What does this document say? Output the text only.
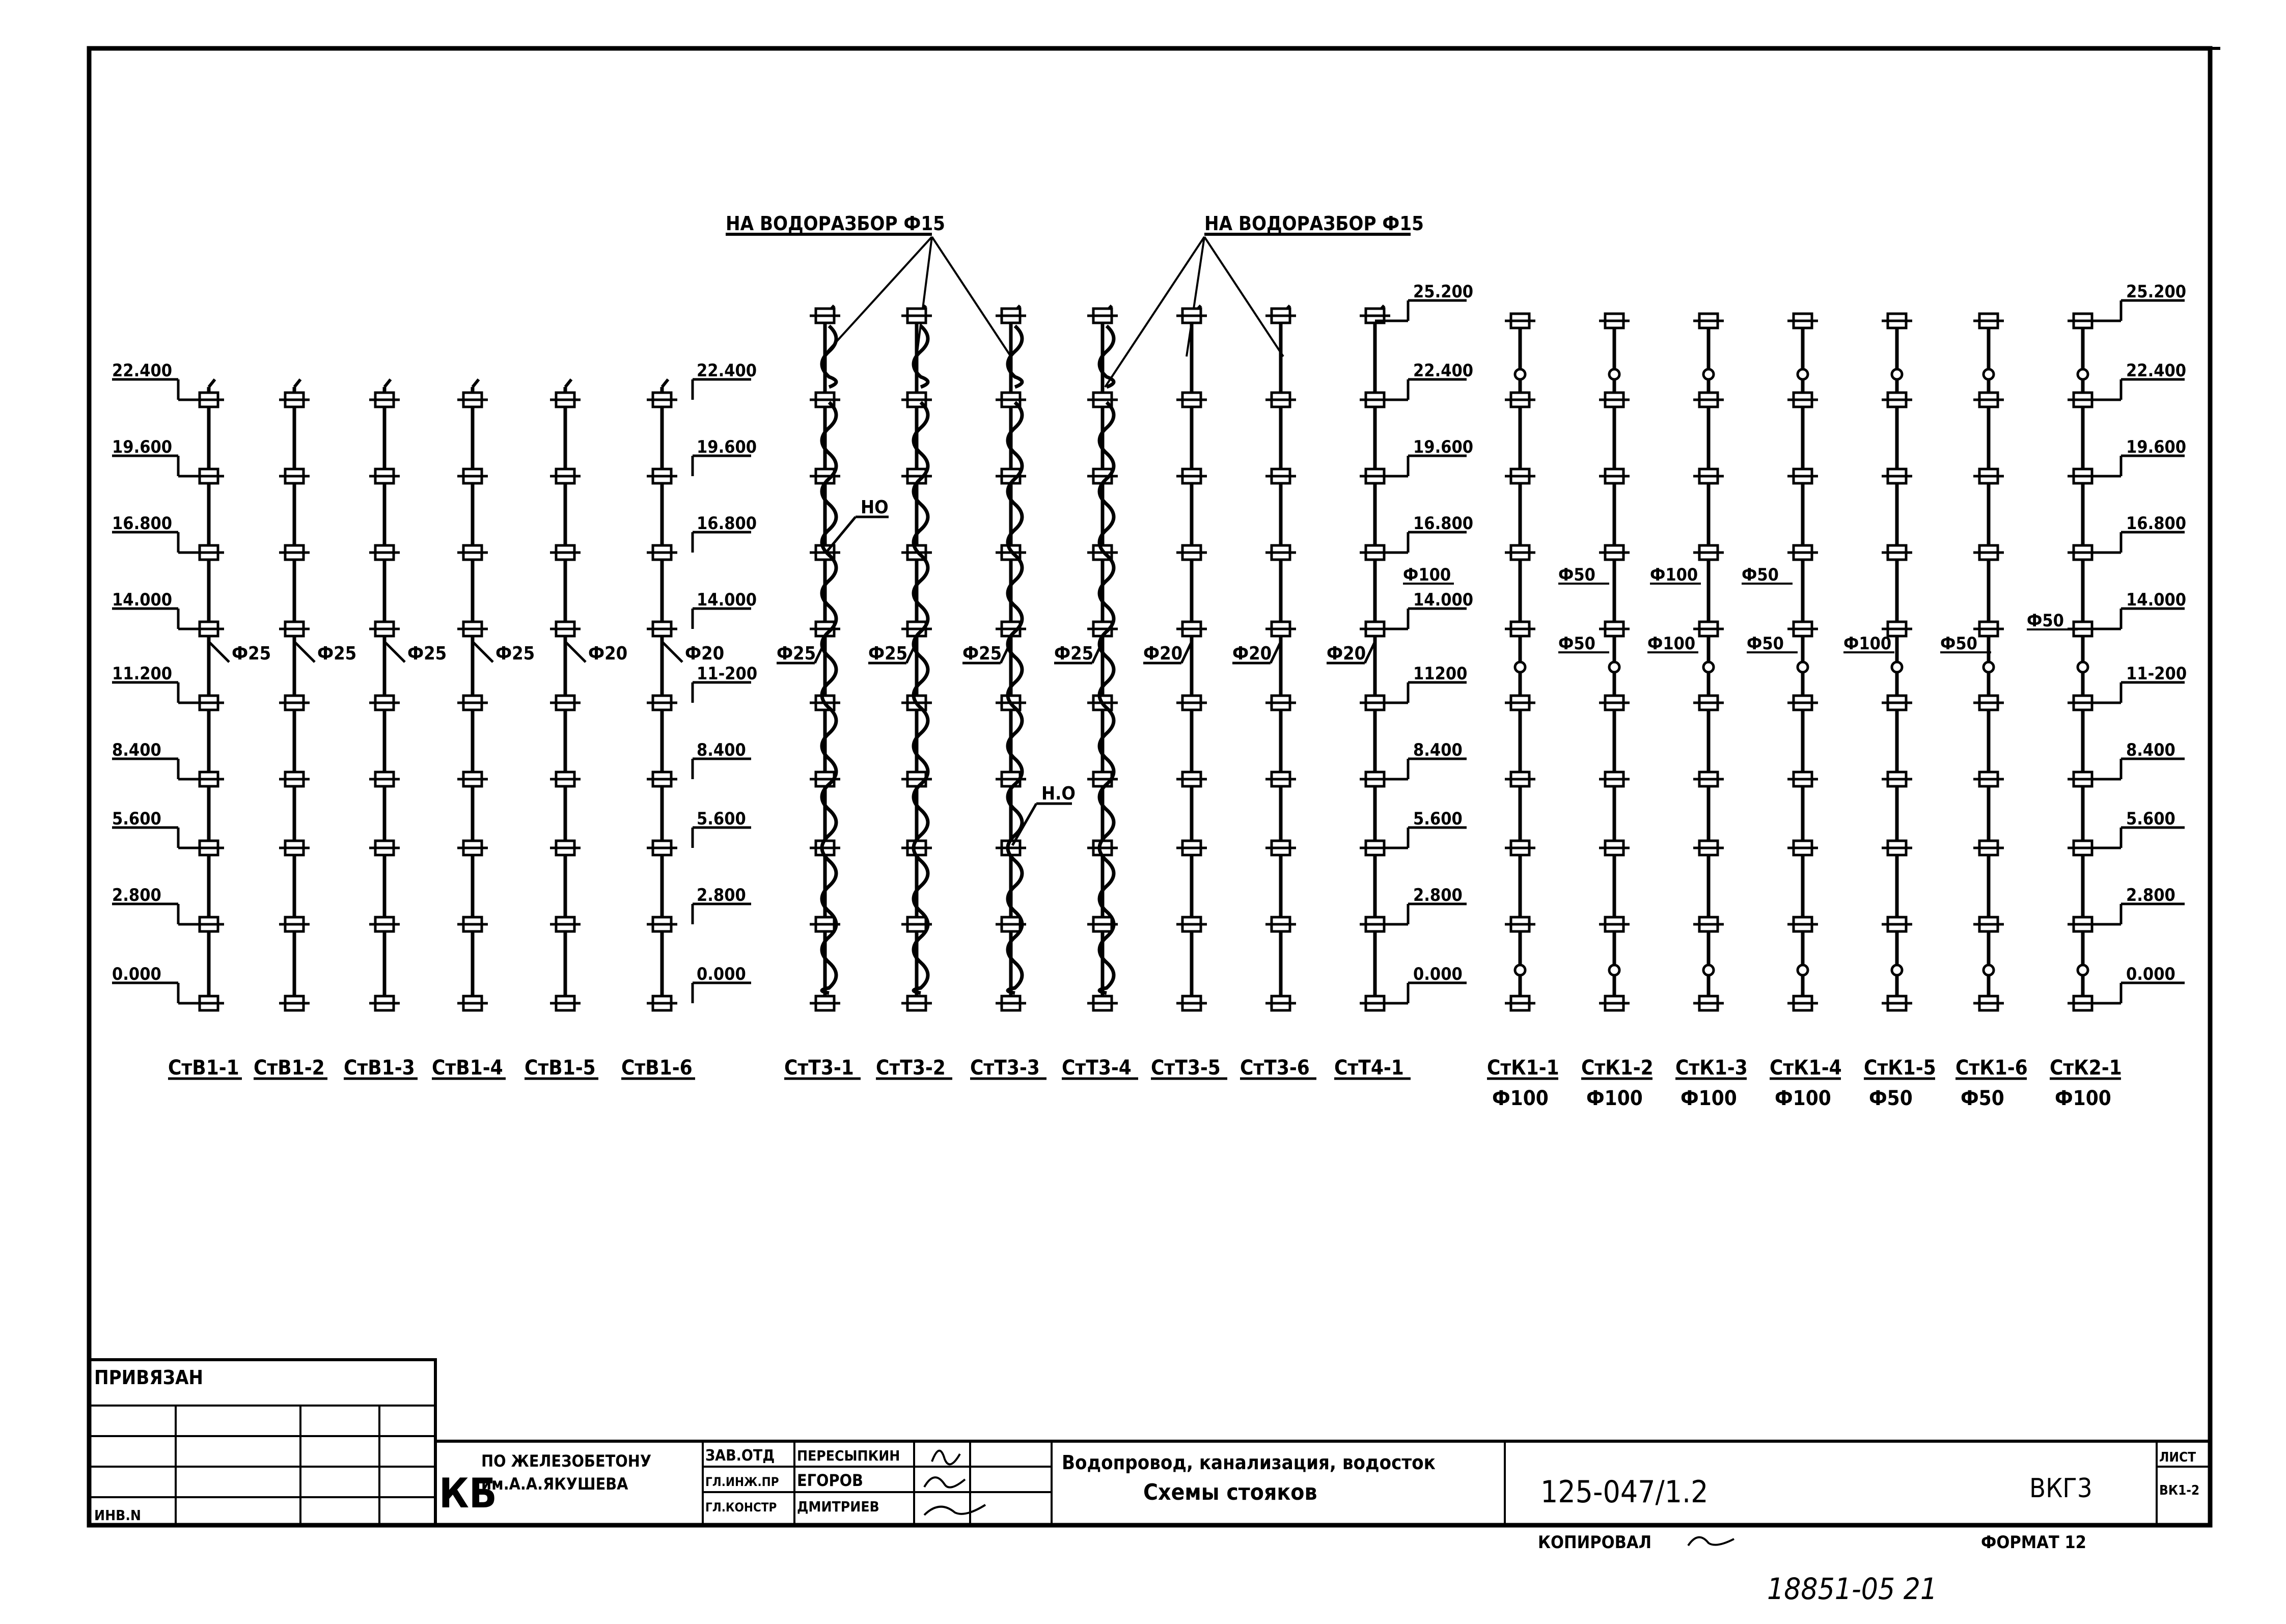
НА ВОДОРАЗБОР Ф15	НА ВОДОРАЗБОР Ф15
Ф25	Ф25	Ф25	Ф25	Ф20	Ф20	Ф25	Ф25	Ф25	Ф25	Ф20	Ф20	Ф20
22.400
19.600
16.800
14.000
11.200
8.400
5.600
2.800
0.000
22.400
19.600
16.800
14.000
11-200
8.400
5.600
2.800
0.000
25.200
22.400
19.600
16.800
14.000
11200
8.400
5.600
2.800
0.000
25.200
22.400
19.600
16.800
14.000
11-200
8.400
5.600
2.800
0.000
НО
Н.О
СтВ1-1 СтВ1-2 СтВ1-3 СтВ1-4 СтВ1-5 СтВ1-6	СтТ3-1 СтТ3-2 СтТ3-3 СтТ3-4 СтТ3-5 СтТ3-6 СтТ4-1	СтК1-1
Ф100
СтК1-2
Ф100
СтК1-3
Ф100
СтК1-4
Ф100
СтК1-5
Ф50
СтК1-6
Ф50
СтК2-1
Ф100
Ф100
Ф50
Ф50
Ф100
Ф100
Ф50
Ф50
Ф100	Ф50
Ф50
ПРИВЯЗАН
ИНВ.N	КБ
ПО ЖЕЛЕЗОБЕТОНУ
им.А.А.ЯКУШЕВА
ЗАВ.ОТД ПЕРЕСЫПКИН
ГЛ.ИНЖ.ПР ЕГОРОВ
ГЛ.КОНСТР ДМИТРИЕВ
Водопровод, канализация, водосток
Схемы стояков	125-047/1.2	ВКГ3
ЛИСТ
ВК1-2
КОПИРОВАЛ	ФОРМАТ 12
18851-05 21
